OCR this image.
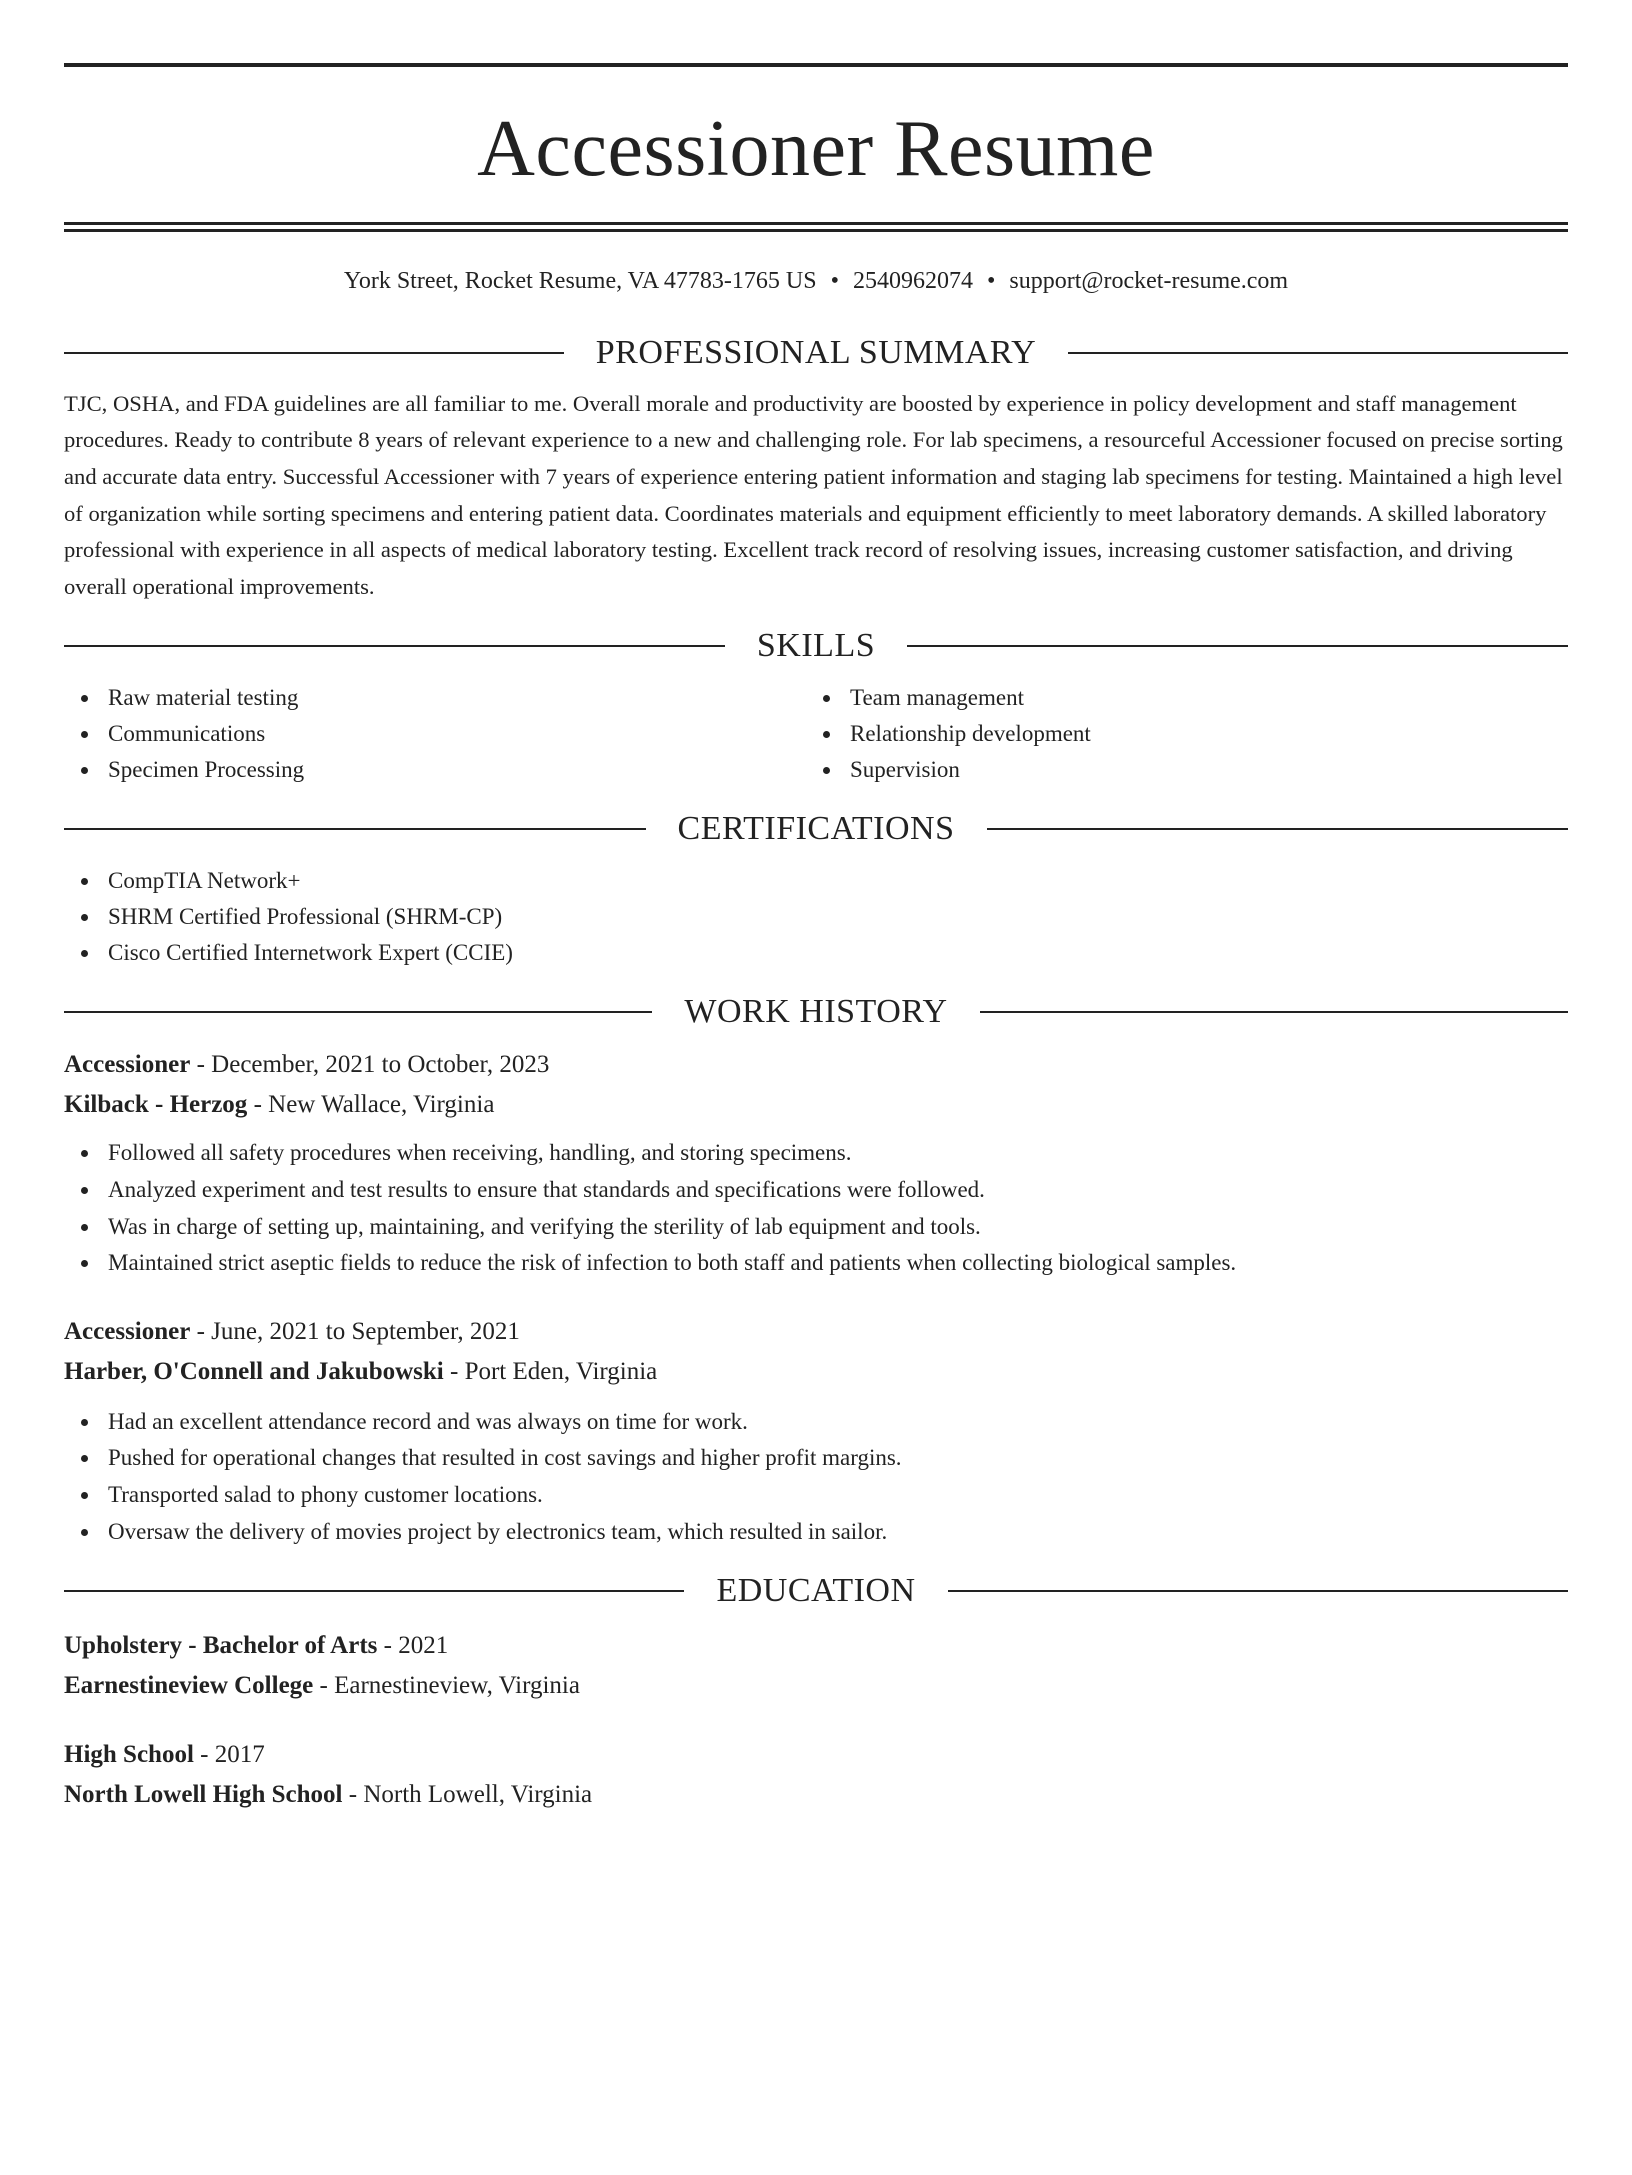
Accessioner Resume
York Street, Rocket Resume, VA 47783-1765 US • 2540962074 • support@rocket-resume.com
PROFESSIONAL SUMMARY

TJC, OSHA, and FDA guidelines are all familiar to me. Overall morale and productivity are boosted by experience in policy development and staff management procedures. Ready to contribute 8 years of relevant experience to a new and challenging role. For lab specimens, a resourceful Accessioner focused on precise sorting and accurate data entry. Successful Accessioner with 7 years of experience entering patient information and staging lab specimens for testing. Maintained a high level of organization while sorting specimens and entering patient data. Coordinates materials and equipment efficiently to meet laboratory demands. A skilled laboratory professional with experience in all aspects of medical laboratory testing. Excellent track record of resolving issues, increasing customer satisfaction, and driving overall operational improvements.

SKILLS
Raw material testing
Communications
Specimen Processing
Team management
Relationship development
Supervision
CERTIFICATIONS
CompTIA Network+
SHRM Certified Professional (SHRM-CP)
Cisco Certified Internetwork Expert (CCIE)
WORK HISTORY
Accessioner - December, 2021 to October, 2023
Kilback - Herzog - New Wallace, Virginia
Followed all safety procedures when receiving, handling, and storing specimens.
Analyzed experiment and test results to ensure that standards and specifications were followed.
Was in charge of setting up, maintaining, and verifying the sterility of lab equipment and tools.
Maintained strict aseptic fields to reduce the risk of infection to both staff and patients when collecting biological samples.
Accessioner - June, 2021 to September, 2021
Harber, O'Connell and Jakubowski - Port Eden, Virginia
Had an excellent attendance record and was always on time for work.
Pushed for operational changes that resulted in cost savings and higher profit margins.
Transported salad to phony customer locations.
Oversaw the delivery of movies project by electronics team, which resulted in sailor.
EDUCATION
Upholstery - Bachelor of Arts - 2021
Earnestineview College - Earnestineview, Virginia
High School - 2017
North Lowell High School - North Lowell, Virginia
